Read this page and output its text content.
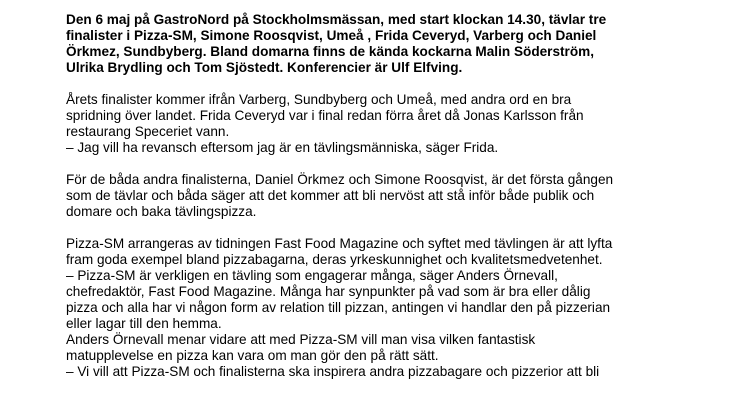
Den 6 maj på GastroNord på Stockholmsmässan, med start klockan 14.30, tävlar tre
finalister i Pizza-SM, Simone Roosqvist, Umeå , Frida Ceveryd, Varberg och Daniel
Örkmez, Sundbyberg. Bland domarna finns de kända kockarna Malin Söderström,
Ulrika Brydling och Tom Sjöstedt. Konferencier är Ulf Elfving.
Årets finalister kommer ifrån Varberg, Sundbyberg och Umeå, med andra ord en bra
spridning över landet. Frida Ceveryd var i final redan förra året då Jonas Karlsson från
restaurang Speceriet vann.
– Jag vill ha revansch eftersom jag är en tävlingsmänniska, säger Frida.
För de båda andra finalisterna, Daniel Örkmez och Simone Roosqvist, är det första gången
som de tävlar och båda säger att det kommer att bli nervöst att stå inför både publik och
domare och baka tävlingspizza.
Pizza-SM arrangeras av tidningen Fast Food Magazine och syftet med tävlingen är att lyfta
fram goda exempel bland pizzabagarna, deras yrkeskunnighet och kvalitetsmedvetenhet.
– Pizza-SM är verkligen en tävling som engagerar många, säger Anders Örnevall,
chefredaktör, Fast Food Magazine. Många har synpunkter på vad som är bra eller dålig
pizza och alla har vi någon form av relation till pizzan, antingen vi handlar den på pizzerian
eller lagar till den hemma.
Anders Örnevall menar vidare att med Pizza-SM vill man visa vilken fantastisk
matupplevelse en pizza kan vara om man gör den på rätt sätt.
– Vi vill att Pizza-SM och finalisterna ska inspirera andra pizzabagare och pizzerior att bli
